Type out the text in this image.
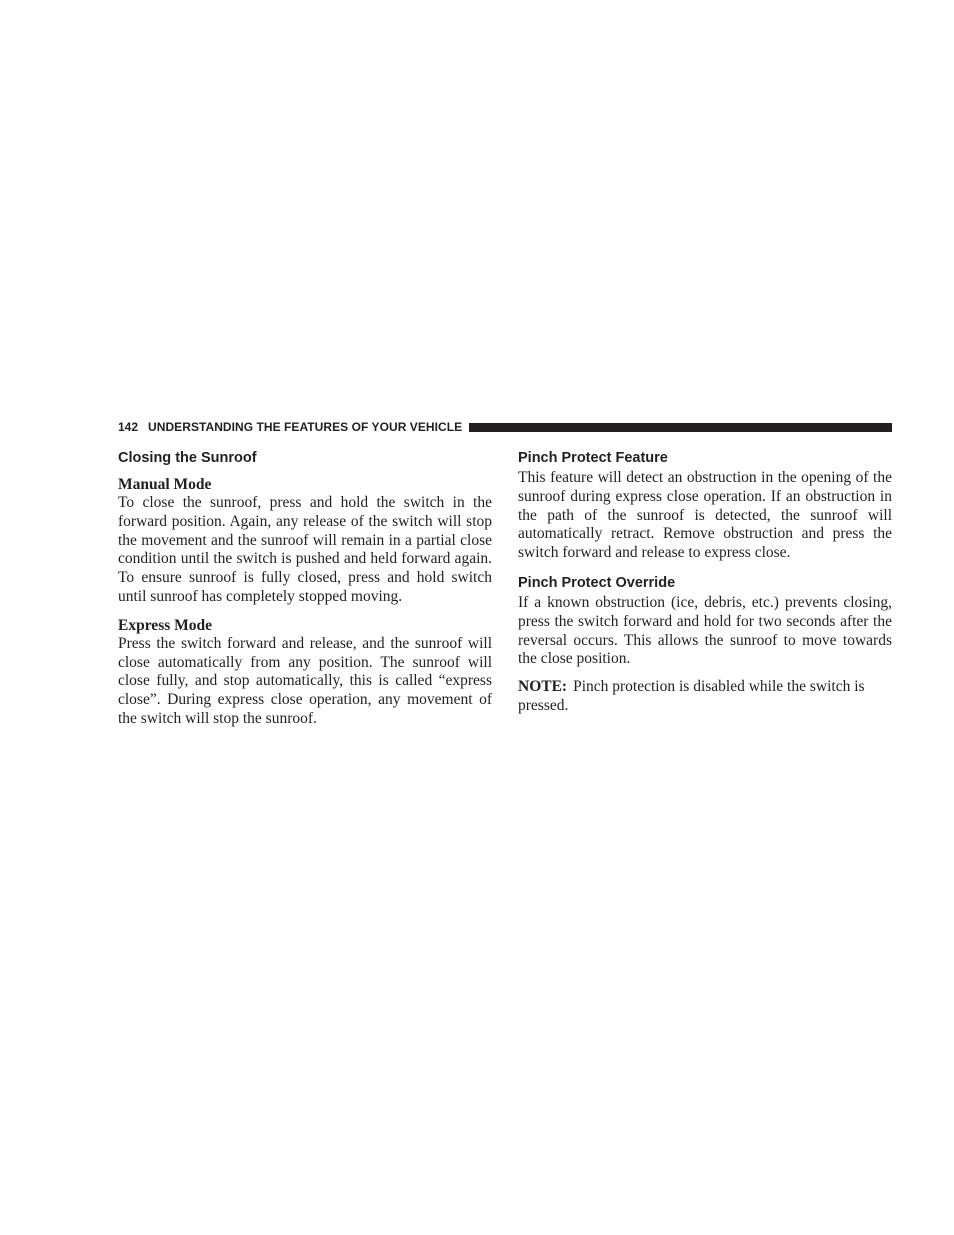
142 UNDERSTANDING THE FEATURES OF YOUR VEHICLE
Closing the Sunroof
Manual Mode

To close the sunroof, press and hold the switch in the forward position. Again, any release of the switch will stop the movement and the sunroof will remain in a partial close condition until the switch is pushed and held forward again. To ensure sunroof is fully closed, press and hold switch until sunroof has completely stopped moving.

Express Mode

Press the switch forward and release, and the sunroof will close automatically from any position. The sunroof will close fully, and stop automatically, this is called “express close”. During express close operation, any movement of the switch will stop the sunroof.

Pinch Protect Feature

This feature will detect an obstruction in the opening of the sunroof during express close operation. If an obstruction in the path of the sunroof is detected, the sunroof will automatically retract. Remove obstruction and press the switch forward and release to express close.

Pinch Protect Override

If a known obstruction (ice, debris, etc.) prevents closing, press the switch forward and hold for two seconds after the reversal occurs. This allows the sunroof to move towards the close position.

NOTE: Pinch protection is disabled while the switch is pressed.
